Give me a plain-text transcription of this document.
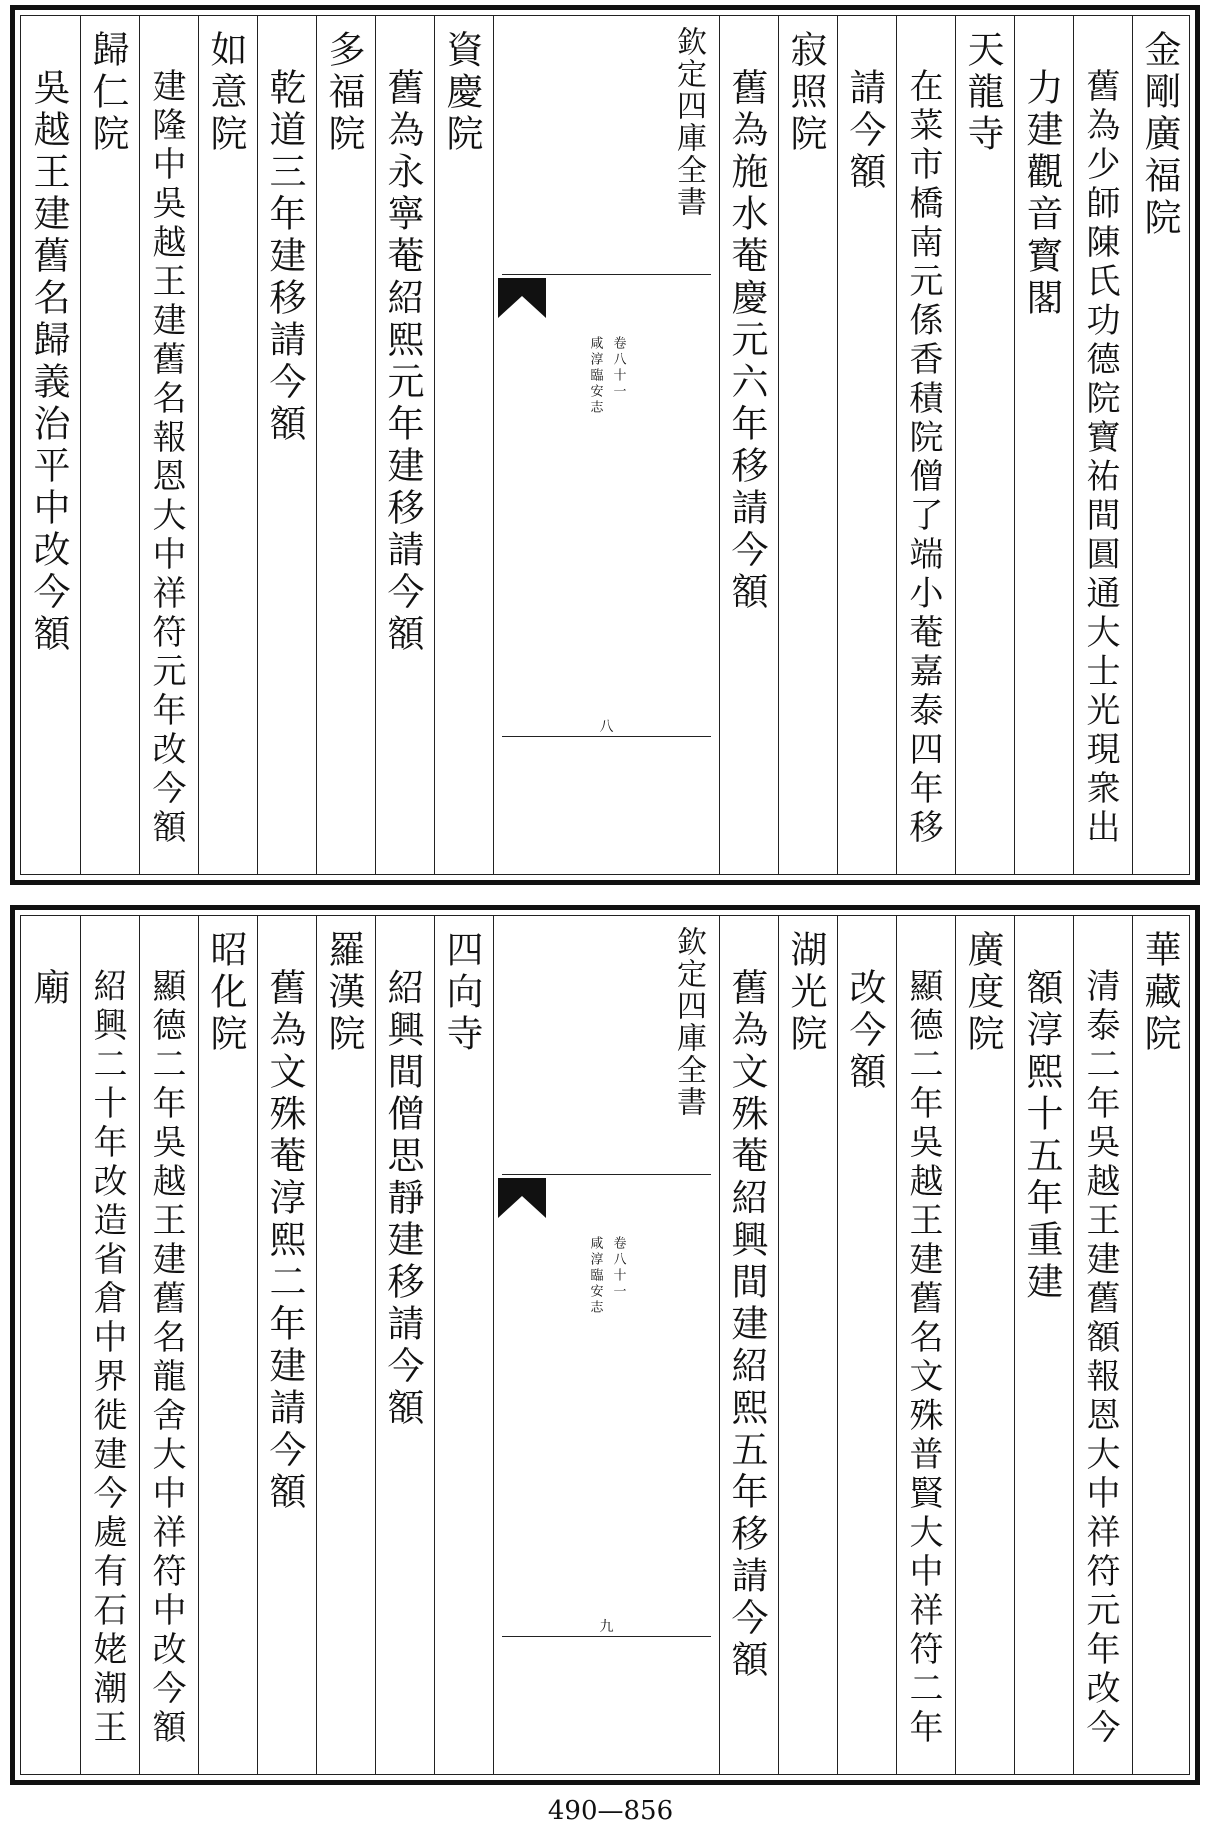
金剛廣福院
舊為少師陳氏功德院寶祐間圓通大士光現衆出
力建觀音寳閣
天龍寺
在菜市橋南元係香積院僧了端小菴嘉泰四年移
請今額
寂照院
舊為施水菴慶元六年移請今額
欽定四庫全書
咸淳臨安志 卷八十一
八
資慶院
舊為永寧菴紹熙元年建移請今額
多福院
乾道三年建移請今額
如意院
建隆中吳越王建舊名報恩大中祥符元年改今額
歸仁院
吳越王建舊名歸義治平中改今額
華藏院
清泰二年吳越王建舊額報恩大中祥符元年改今
額淳熙十五年重建
廣度院
顯德二年吳越王建舊名文殊普賢大中祥符二年
改今額
湖光院
舊為文殊菴紹興間建紹熙五年移請今額
欽定四庫全書
咸淳臨安志 卷八十一
九
四向寺
紹興間僧思靜建移請今額
羅漢院
舊為文殊菴淳熙二年建請今額
昭化院
顯德二年吳越王建舊名龍舍大中祥符中改今額
紹興二十年改造省倉中界徙建今處有石姥潮王
廟
490—856
